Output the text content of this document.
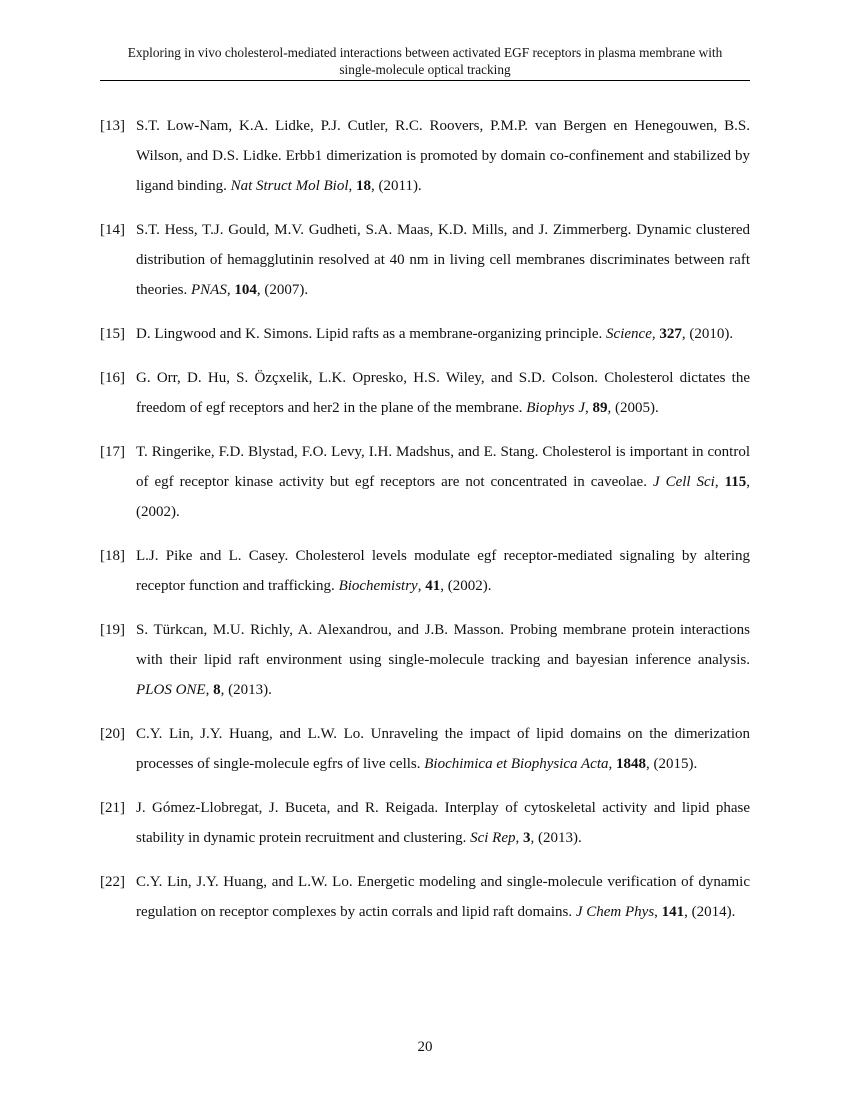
Exploring in vivo cholesterol-mediated interactions between activated EGF receptors in plasma membrane with
single-molecule optical tracking
[13] S.T. Low-Nam, K.A. Lidke, P.J. Cutler, R.C. Roovers, P.M.P. van Bergen en Henegouwen, B.S. Wilson, and D.S. Lidke. Erbb1 dimerization is promoted by domain co-confinement and stabilized by ligand binding. Nat Struct Mol Biol, 18, (2011).
[14] S.T. Hess, T.J. Gould, M.V. Gudheti, S.A. Maas, K.D. Mills, and J. Zimmerberg. Dynamic clustered distribution of hemagglutinin resolved at 40 nm in living cell membranes discriminates between raft theories. PNAS, 104, (2007).
[15] D. Lingwood and K. Simons. Lipid rafts as a membrane-organizing principle. Science, 327, (2010).
[16] G. Orr, D. Hu, S. Özçxelik, L.K. Opresko, H.S. Wiley, and S.D. Colson. Cholesterol dictates the freedom of egf receptors and her2 in the plane of the membrane. Biophys J, 89, (2005).
[17] T. Ringerike, F.D. Blystad, F.O. Levy, I.H. Madshus, and E. Stang. Cholesterol is important in control of egf receptor kinase activity but egf receptors are not concentrated in caveolae. J Cell Sci, 115, (2002).
[18] L.J. Pike and L. Casey. Cholesterol levels modulate egf receptor-mediated signaling by altering receptor function and trafficking. Biochemistry, 41, (2002).
[19] S. Türkcan, M.U. Richly, A. Alexandrou, and J.B. Masson. Probing membrane protein interactions with their lipid raft environment using single-molecule tracking and bayesian inference analysis. PLOS ONE, 8, (2013).
[20] C.Y. Lin, J.Y. Huang, and L.W. Lo. Unraveling the impact of lipid domains on the dimerization processes of single-molecule egfrs of live cells. Biochimica et Biophysica Acta, 1848, (2015).
[21] J. Gómez-Llobregat, J. Buceta, and R. Reigada. Interplay of cytoskeletal activity and lipid phase stability in dynamic protein recruitment and clustering. Sci Rep, 3, (2013).
[22] C.Y. Lin, J.Y. Huang, and L.W. Lo. Energetic modeling and single-molecule verification of dynamic regulation on receptor complexes by actin corrals and lipid raft domains. J Chem Phys, 141, (2014).
20
